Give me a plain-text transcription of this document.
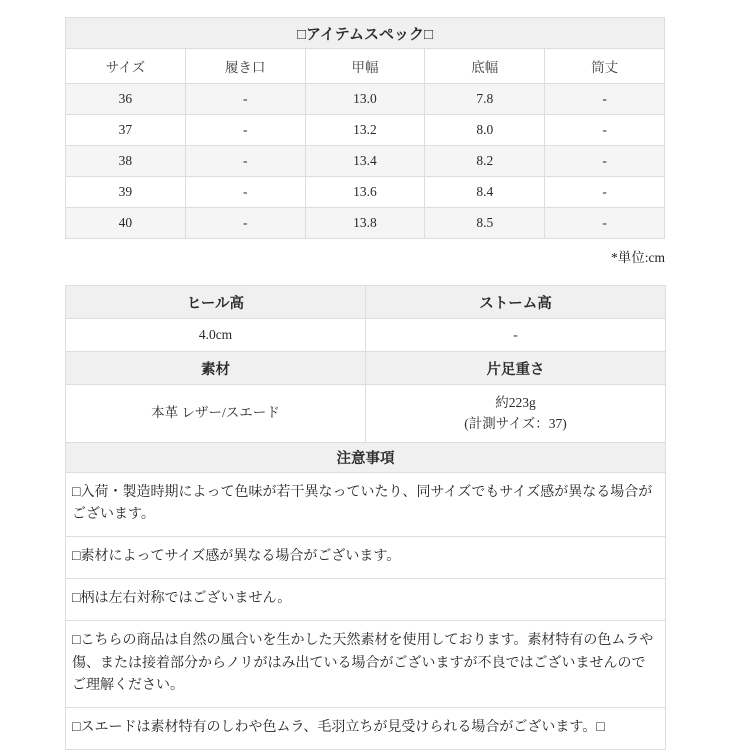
□アイテムスペック□				
サイズ	履き口	甲幅	底幅	筒丈
36	-	13.0	7.8	-
37	-	13.2	8.0	-
38	-	13.4	8.2	-
39	-	13.6	8.4	-
40	-	13.8	8.5	-
*単位:cm
ヒール高	ストーム高
4.0cm	-
素材	片足重さ
本革 レザー/スエード	約223g
(計測サイズ：37)

注意事項	
□入荷・製造時期によって色味が若干異なっていたり、同サイズでもサイズ感が異なる場合がございます。	
□素材によってサイズ感が異なる場合がございます。	
□柄は左右対称ではございません。	
□こちらの商品は自然の風合いを生かした天然素材を使用しております。素材特有の色ムラや傷、または接着部分からノリがはみ出ている場合がございますが不良ではございませんのでご理解ください。	
□スエードは素材特有のしわや色ムラ、毛羽立ちが見受けられる場合がございます。□	
